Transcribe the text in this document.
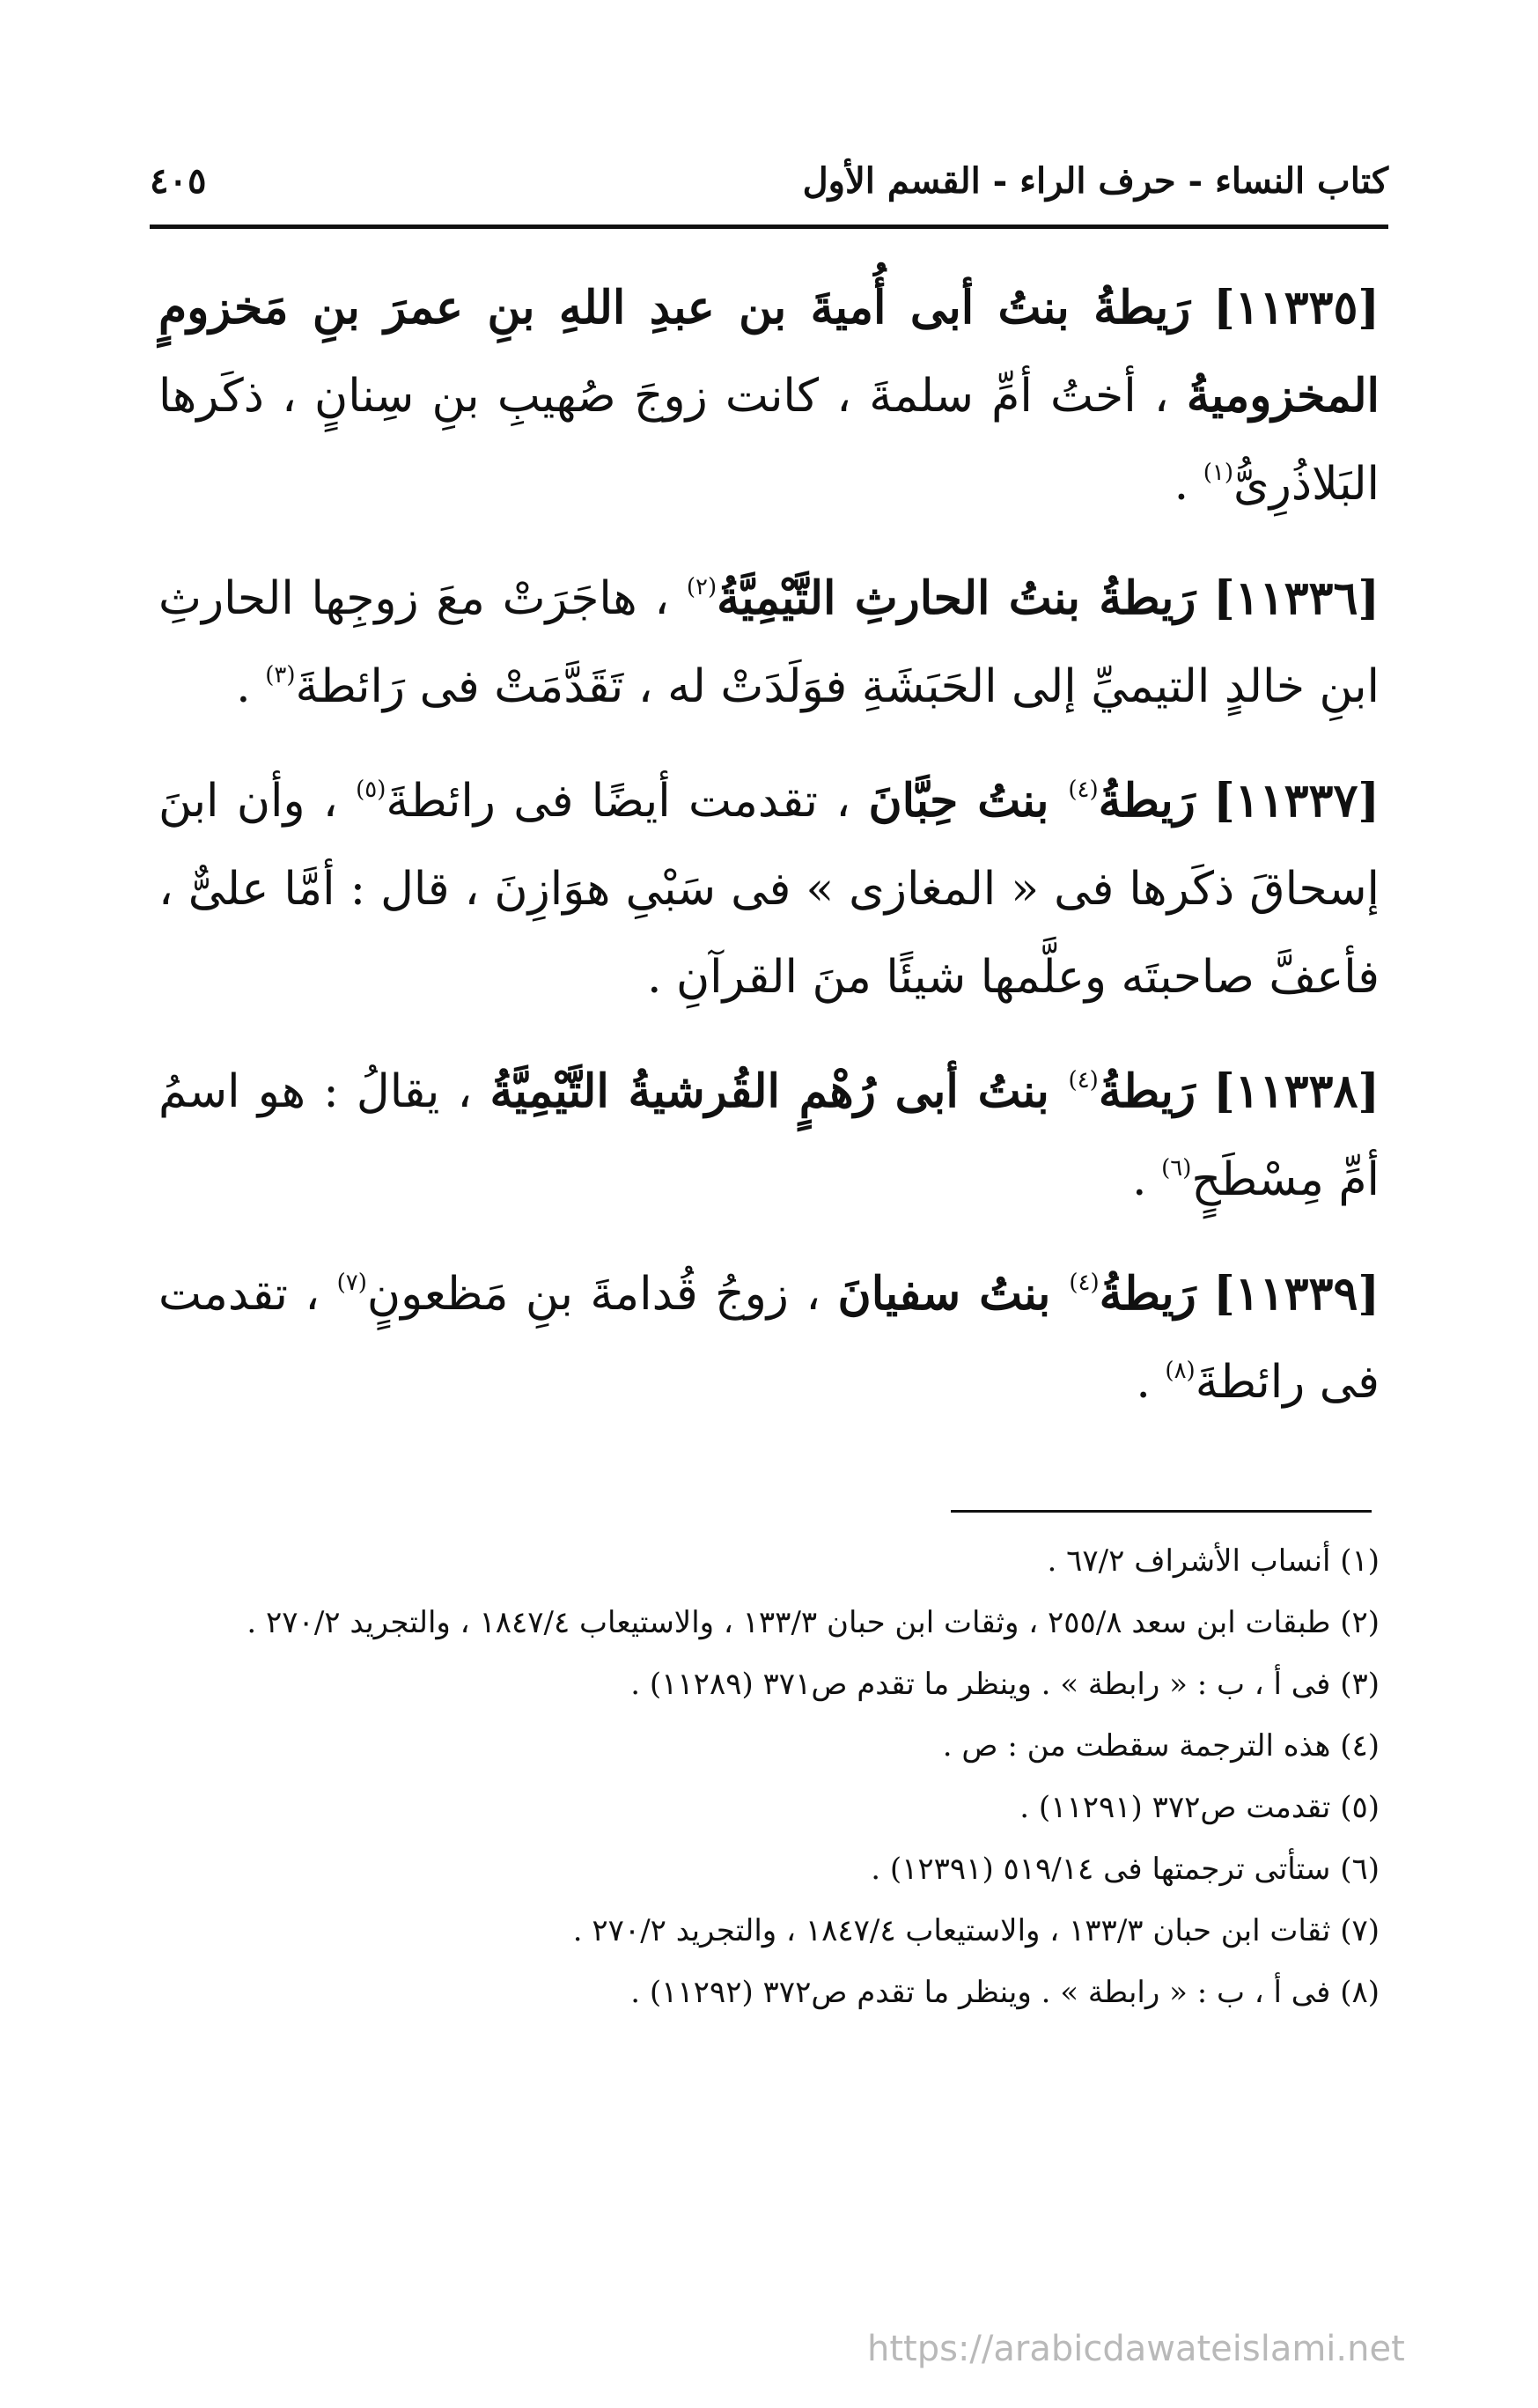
كتاب النساء - حرف الراء - القسم الأول
٤٠٥

[١١٣٣٥] رَيطةُ بنتُ أبى أُميةَ بن عبدِ اللهِ بنِ عمرَ بنِ مَخزومٍ المخزوميةُ ، أختُ أمِّ سلمةَ ، كانت زوجَ صُهيبِ بنِ سِنانٍ ، ذكَرها البَلاذُرِىُّ$^{(١)}$ .

[١١٣٣٦] رَيطةُ بنتُ الحارثِ التَّيْمِيَّةُ$^{(٢)}$ ، هاجَرَتْ معَ زوجِها الحارثِ ابنِ خالدٍ التيميِّ إلى الحَبَشَةِ فوَلَدَتْ له ، تَقَدَّمَتْ فى رَائطةَ$^{(٣)}$ .

[١١٣٣٧] رَيطةُ$^{(٤)}$ بنتُ حِبَّانَ ، تقدمت أيضًا فى رائطةَ$^{(٥)}$ ، وأن ابنَ إسحاقَ ذكَرها فى « المغازى » فى سَبْىِ هوَازِنَ ، قال : أمَّا علىٌّ ، فأعفَّ صاحبتَه وعلَّمها شيئًا منَ القرآنِ .

[١١٣٣٨] رَيطةُ$^{(٤)}$ بنتُ أبى رُهْمٍ القُرشيةُ التَّيْمِيَّةُ ، يقالُ : هو اسمُ أمِّ مِسْطَحٍ$^{(٦)}$ .

[١١٣٣٩] رَيطةُ$^{(٤)}$ بنتُ سفيانَ ، زوجُ قُدامةَ بنِ مَظعونٍ$^{(٧)}$ ، تقدمت فى رائطةَ$^{(٨)}$ .

(١) أنساب الأشراف ٦٧/٢ .
(٢) طبقات ابن سعد ٢٥٥/٨ ، وثقات ابن حبان ١٣٣/٣ ، والاستيعاب ١٨٤٧/٤ ، والتجريد ٢٧٠/٢ .
(٣) فى أ ، ب : « رابطة » . وينظر ما تقدم ص٣٧١ (١١٢٨٩) .
(٤) هذه الترجمة سقطت من : ص .
(٥) تقدمت ص٣٧٢ (١١٢٩١) .
(٦) ستأتى ترجمتها فى ٥١٩/١٤ (١٢٣٩١) .
(٧) ثقات ابن حبان ١٣٣/٣ ، والاستيعاب ١٨٤٧/٤ ، والتجريد ٢٧٠/٢ .
(٨) فى أ ، ب : « رابطة » . وينظر ما تقدم ص٣٧٢ (١١٢٩٢) .
https://arabicdawateislami.net
